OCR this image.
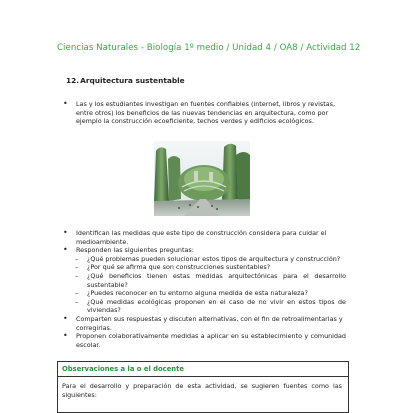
Ciencias Naturales - Biología 1º medio / Unidad 4 / OA8 / Actividad 12
12.Arquitectura sustentable
• Las y los estudiantes investigan en fuentes confiables (internet, libros y revistas, entre otros) los beneficios de las nuevas tendencias en arquitectura, como por ejemplo la construcción ecoeficiente, techos verdes y edificios ecológicos.
• Identifican las medidas que este tipo de construcción considera para cuidar el medioambiente.
• Responden las siguientes preguntas:
– ¿Qué problemas pueden solucionar estos tipos de arquitectura y construcción?
– ¿Por qué se afirma que son construcciones sustentables?
– ¿Qué beneficios tienen estas medidas arquitectónicas para el desarrollo sustentable?
– ¿Puedes reconocer en tu entorno alguna medida de esta naturaleza?
– ¿Qué medidas ecológicas proponen en el caso de no vivir en estos tipos de viviendas?
• Comparten sus respuestas y discuten alternativas, con el fin de retroalimentarlas y corregirlas.
• Proponen colaborativamente medidas a aplicar en su establecimiento y comunidad escolar.
Observaciones a la o el docente
Para el desarrollo y preparación de esta actividad, se sugieren fuentes como las siguientes:
